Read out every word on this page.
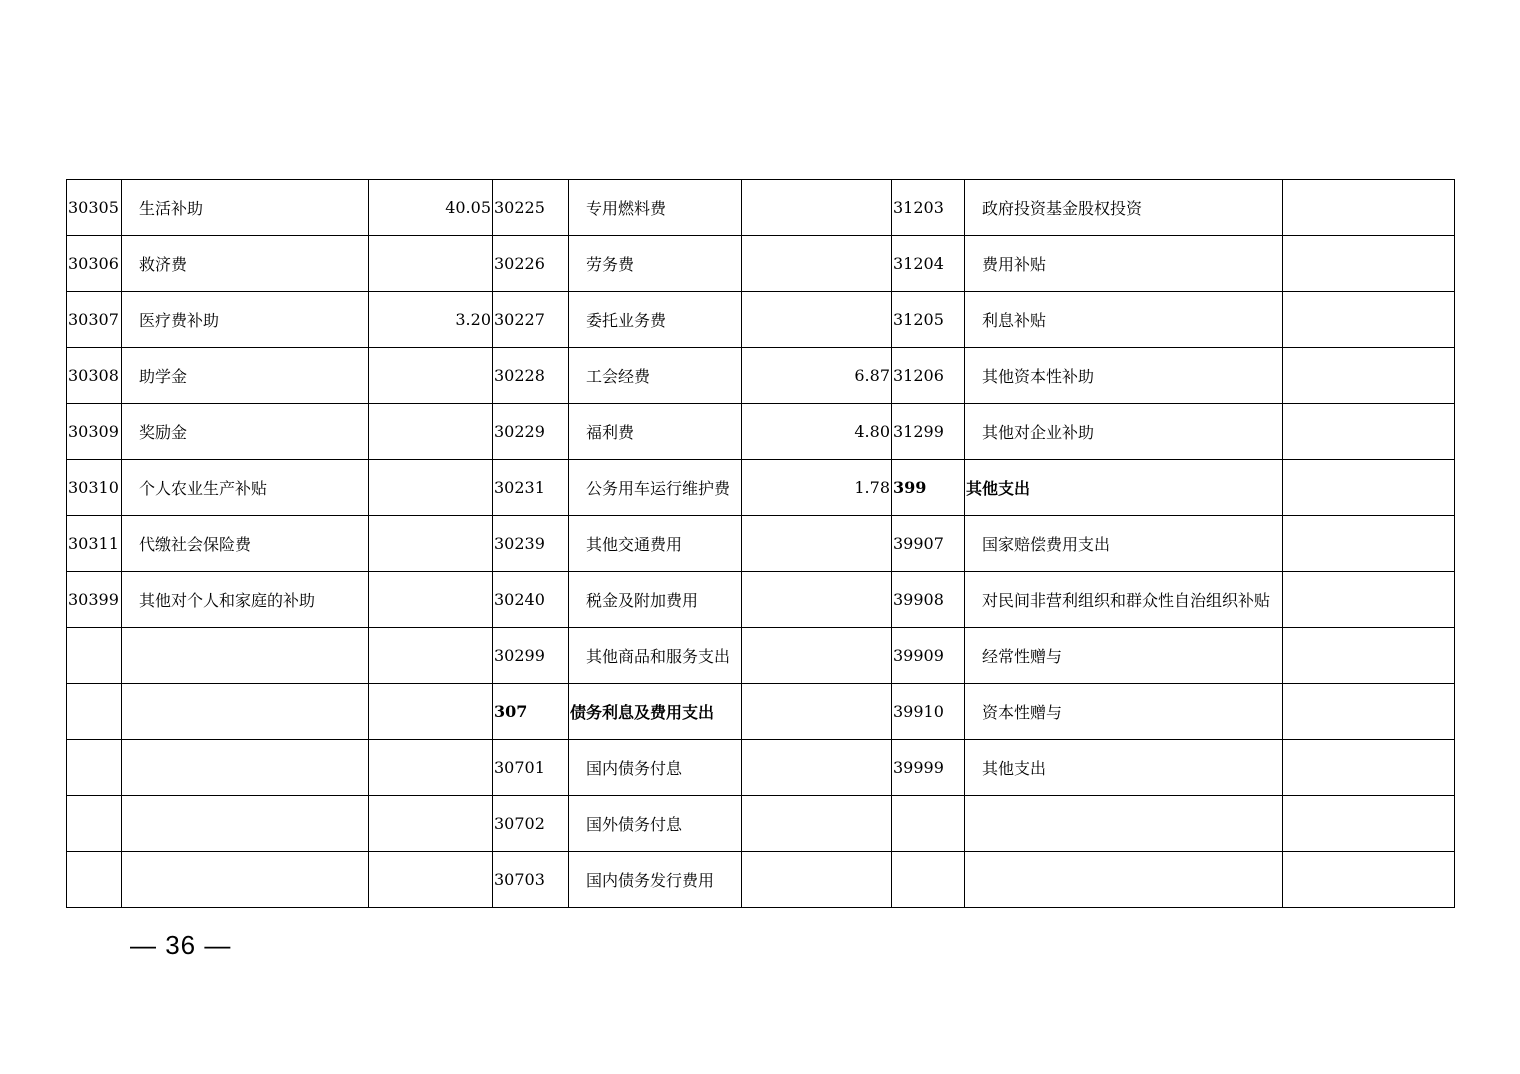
30305	生活补助	40.05	30225	专用燃料费		31203	政府投资基金股权投资	
30306	救济费		30226	劳务费		31204	费用补贴	
30307	医疗费补助	3.20	30227	委托业务费		31205	利息补贴	
30308	助学金		30228	工会经费	6.87	31206	其他资本性补助	
30309	奖励金		30229	福利费	4.80	31299	其他对企业补助	
30310	个人农业生产补贴		30231	公务用车运行维护费	1.78	399	其他支出	
30311	代缴社会保险费		30239	其他交通费用		39907	国家赔偿费用支出	
30399	其他对个人和家庭的补助		30240	税金及附加费用		39908	对民间非营利组织和群众性自治组织补贴	
			30299	其他商品和服务支出		39909	经常性赠与	
			307	债务利息及费用支出		39910	资本性赠与	
			30701	国内债务付息		39999	其他支出	
			30702	国外债务付息				
			30703	国内债务发行费用				
— 36 —
